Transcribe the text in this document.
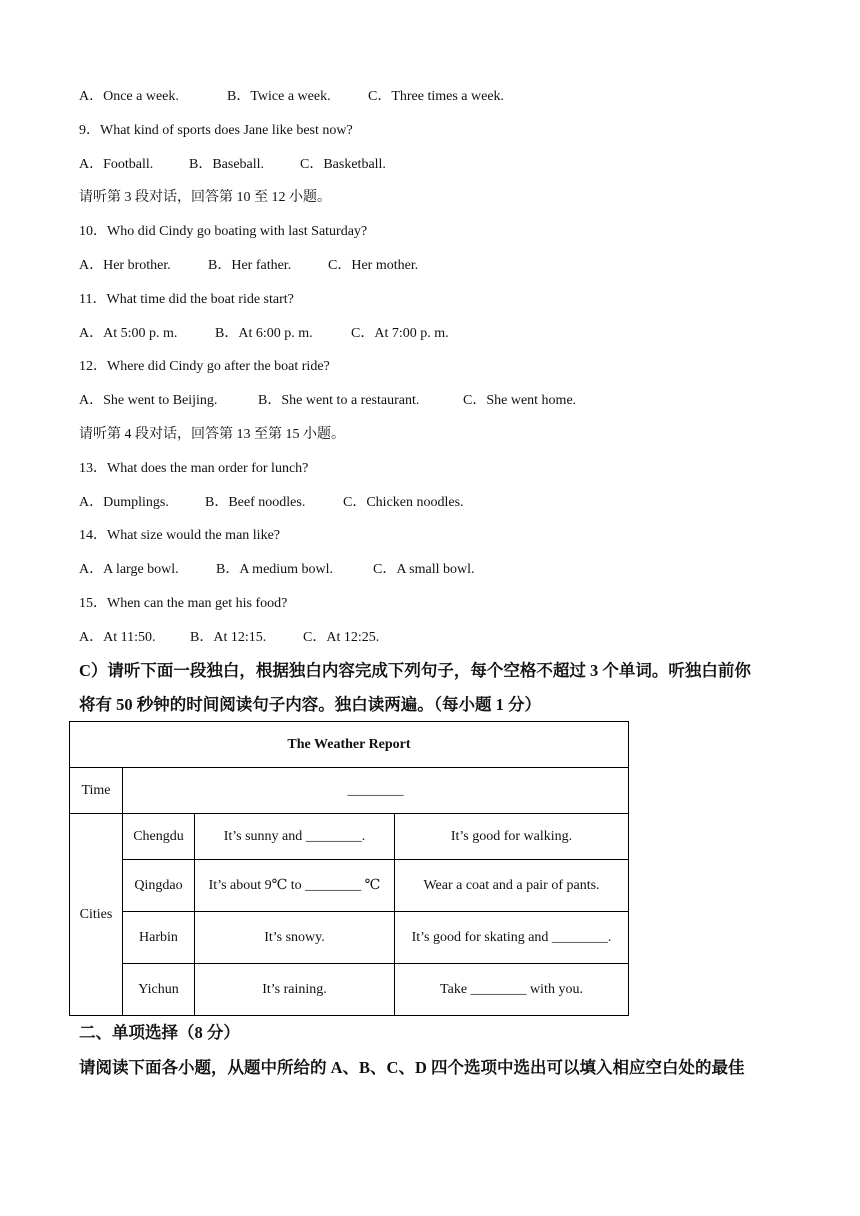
A．Once a week.	B．Twice a week.	C．Three times a week.
9．What kind of sports does Jane like best now?
A．Football.	B．Baseball.	C．Basketball.
请听第 3 段对话，回答第 10 至 12 小题。
10．Who did Cindy go boating with last Saturday?
A．Her brother.	B．Her father.	C．Her mother.
11．What time did the boat ride start?
A．At 5:00 p. m.	B．At 6:00 p. m.	C．At 7:00 p. m.
12．Where did Cindy go after the boat ride?
A．She went to Beijing.	B．She went to a restaurant.	C．She went home.
请听第 4 段对话，回答第 13 至第 15 小题。
13．What does the man order for lunch?
A．Dumplings.	B．Beef noodles.	C．Chicken noodles.
14．What size would the man like?
A．A large bowl.	B．A medium bowl.	C．A small bowl.
15．When can the man get his food?
A．At 11:50. B．At 12:15.	C．At 12:25.
C）请听下面一段独白，根据独白内容完成下列句子，每个空格不超过 3 个单词。听独白前你
将有 50 秒钟的时间阅读句子内容。独白读两遍。（每小题 1 分）
The Weather Report			
Time	________		
Cities	Chengdu	It’s sunny and ________.	It’s good for walking.
	Qingdao	It’s about 9℃ to ________ ℃	Wear a coat and a pair of pants.
	Harbin	It’s snowy.	It’s good for skating and ________.
	Yichun	It’s raining.	Take ________ with you.
二、单项选择（8 分）
请阅读下面各小题，从题中所给的 A、B、C、D 四个选项中选出可以填入相应空白处的最佳
